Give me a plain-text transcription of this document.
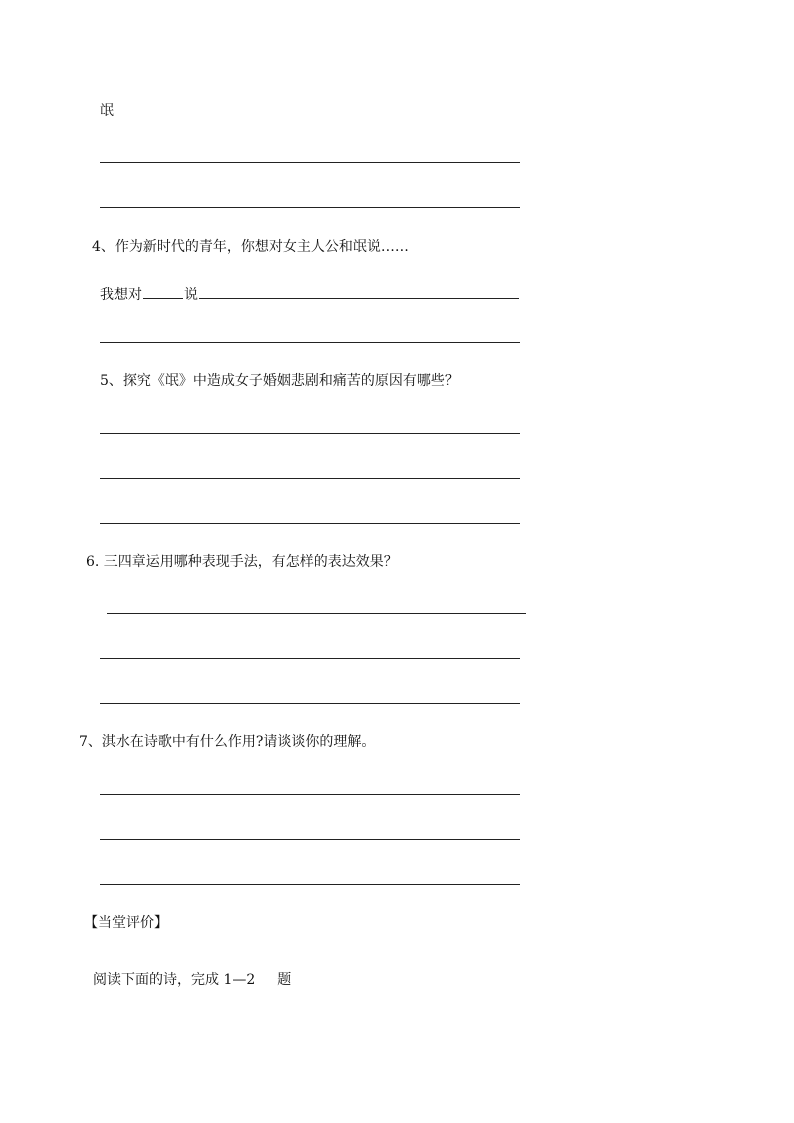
氓
4、作为新时代的青年，你想对女主人公和氓说……
我想对	说
5、探究《氓》中造成女子婚姻悲剧和痛苦的原因有哪些？
6. 三四章运用哪种表现手法，有怎样的表达效果？
7、淇水在诗歌中有什么作用?请谈谈你的理解。
【当堂评价】
阅读下面的诗，完成 1—2 题
